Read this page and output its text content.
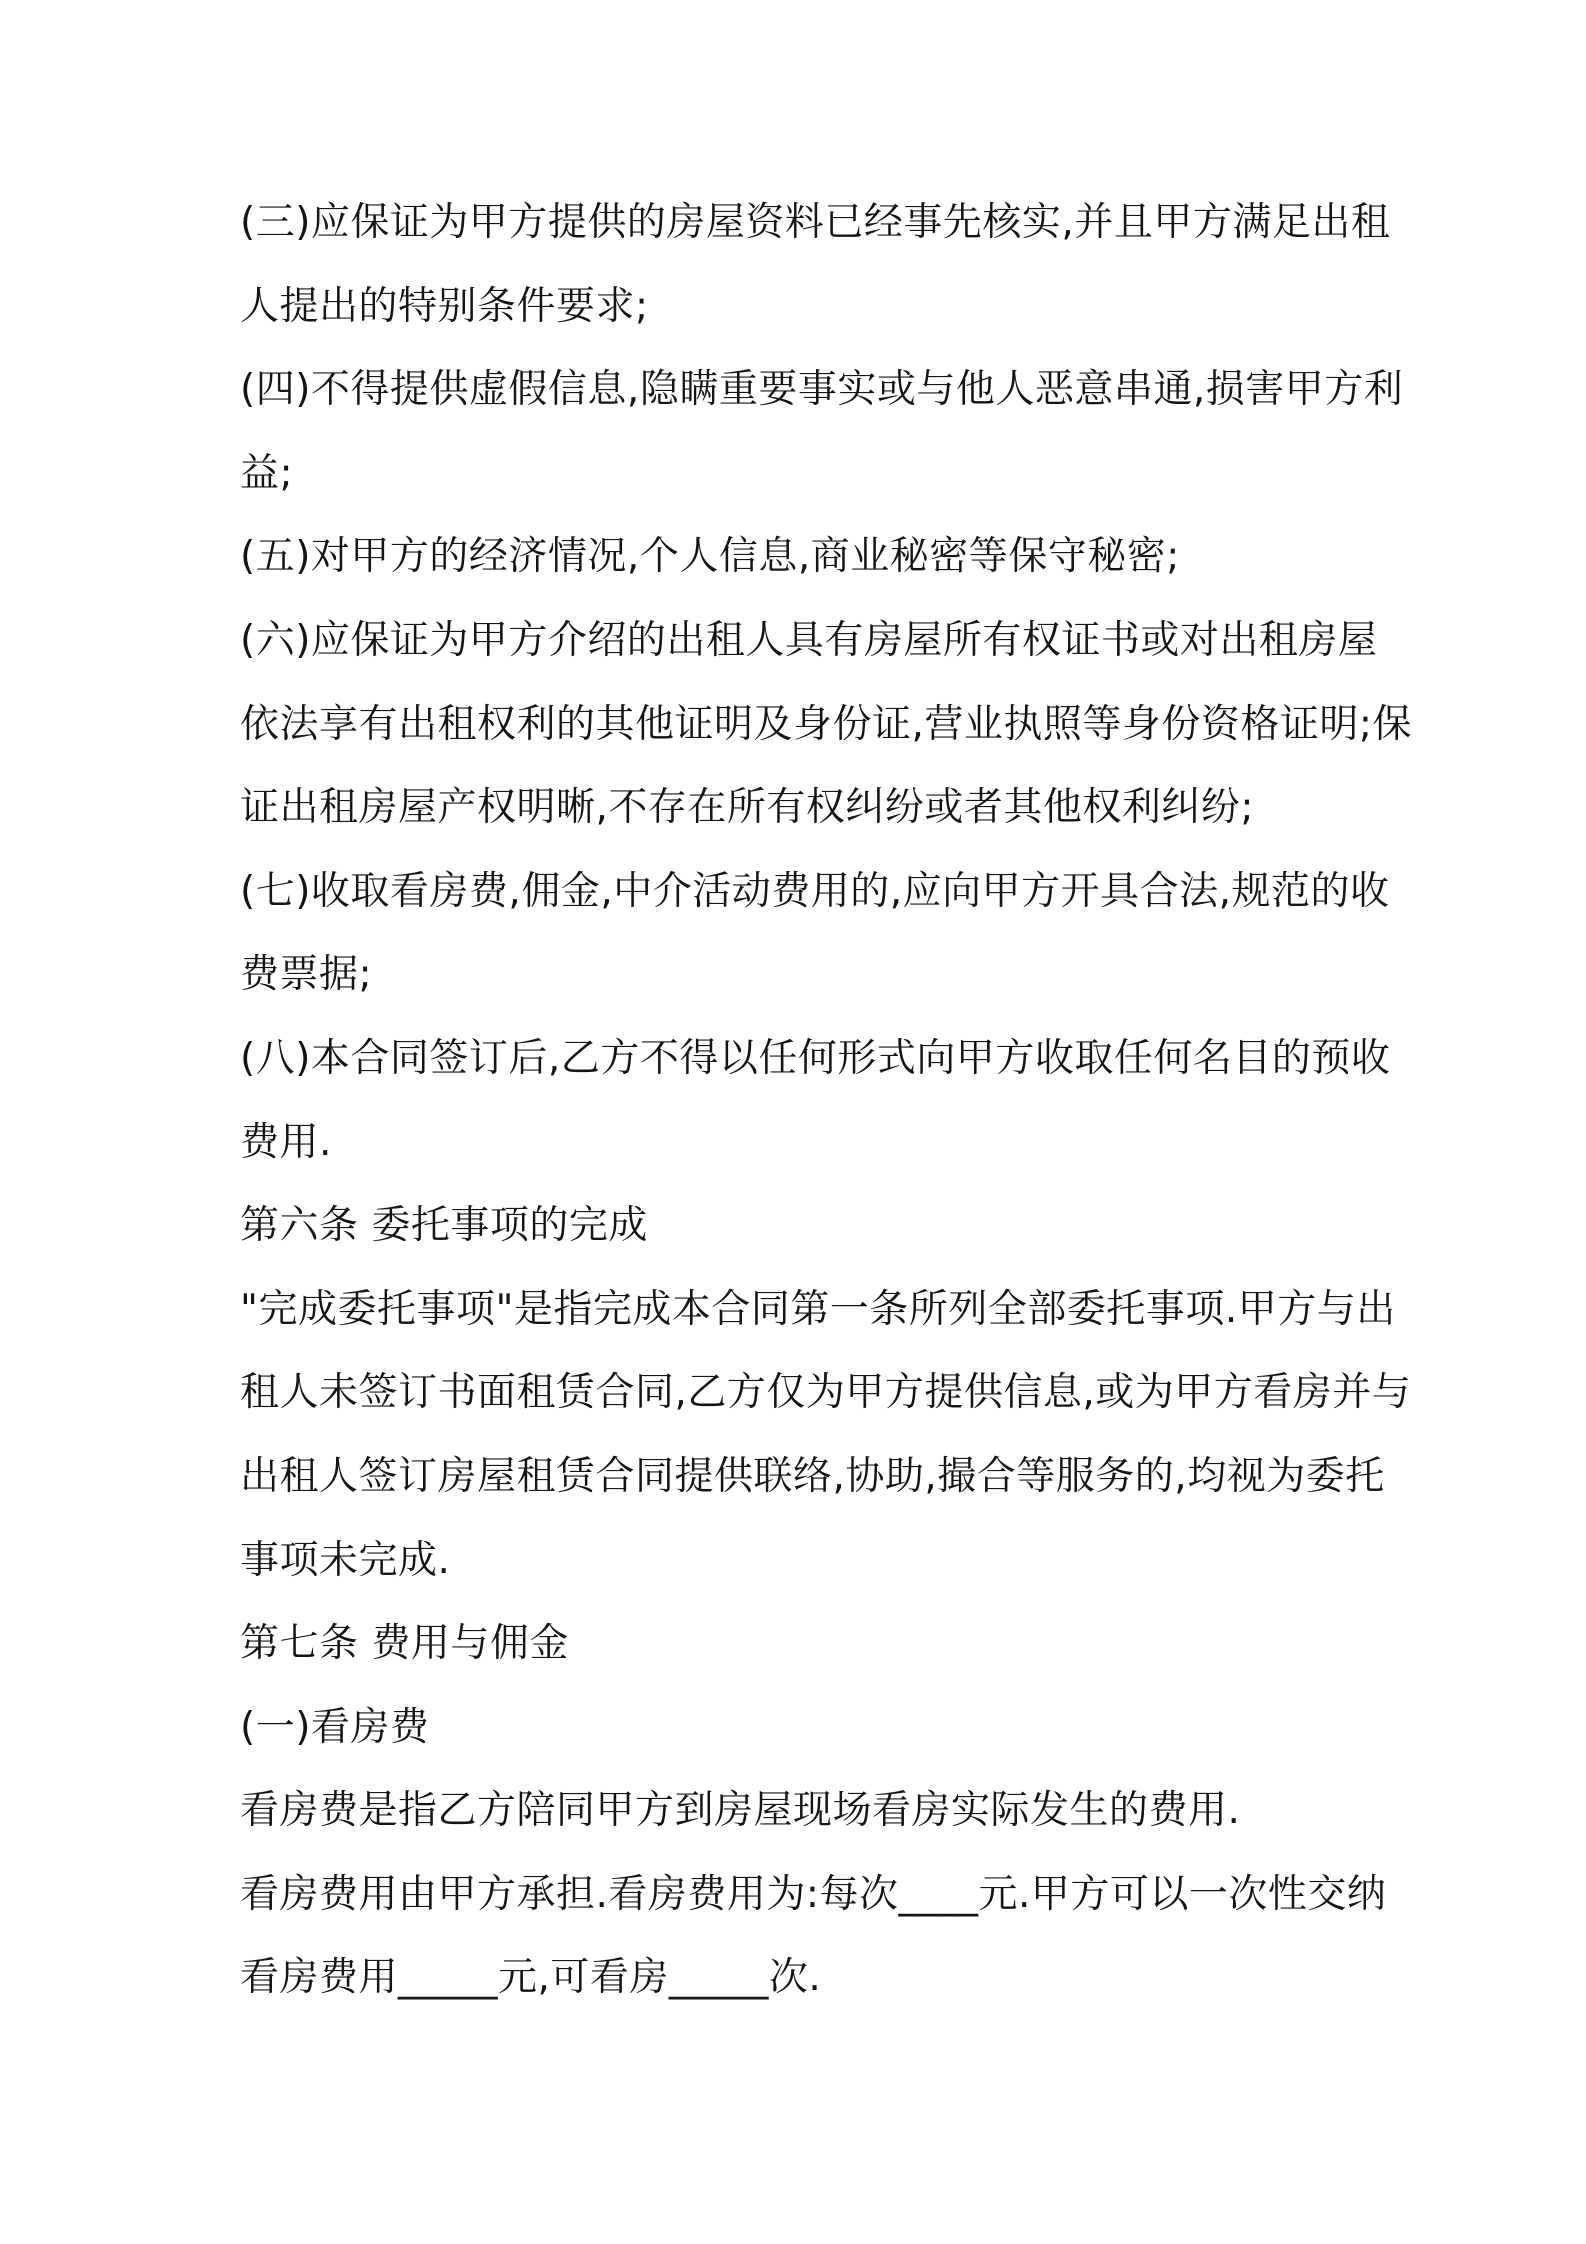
(三)应保证为甲方提供的房屋资料已经事先核实,并且甲方满足出租
人提出的特别条件要求;
(四)不得提供虚假信息,隐瞒重要事实或与他人恶意串通,损害甲方利
益;
(五)对甲方的经济情况,个人信息,商业秘密等保守秘密;
(六)应保证为甲方介绍的出租人具有房屋所有权证书或对出租房屋
依法享有出租权利的其他证明及身份证,营业执照等身份资格证明;保
证出租房屋产权明晰,不存在所有权纠纷或者其他权利纠纷;
(七)收取看房费,佣金,中介活动费用的,应向甲方开具合法,规范的收
费票据;
(八)本合同签订后,乙方不得以任何形式向甲方收取任何名目的预收
费用.
第六条 委托事项的完成
"完成委托事项"是指完成本合同第一条所列全部委托事项.甲方与出
租人未签订书面租赁合同,乙方仅为甲方提供信息,或为甲方看房并与
出租人签订房屋租赁合同提供联络,协助,撮合等服务的,均视为委托
事项未完成.
第七条 费用与佣金
(一)看房费
看房费是指乙方陪同甲方到房屋现场看房实际发生的费用.
看房费用由甲方承担.看房费用为:每次____元.甲方可以一次性交纳
看房费用_____元,可看房_____次.
